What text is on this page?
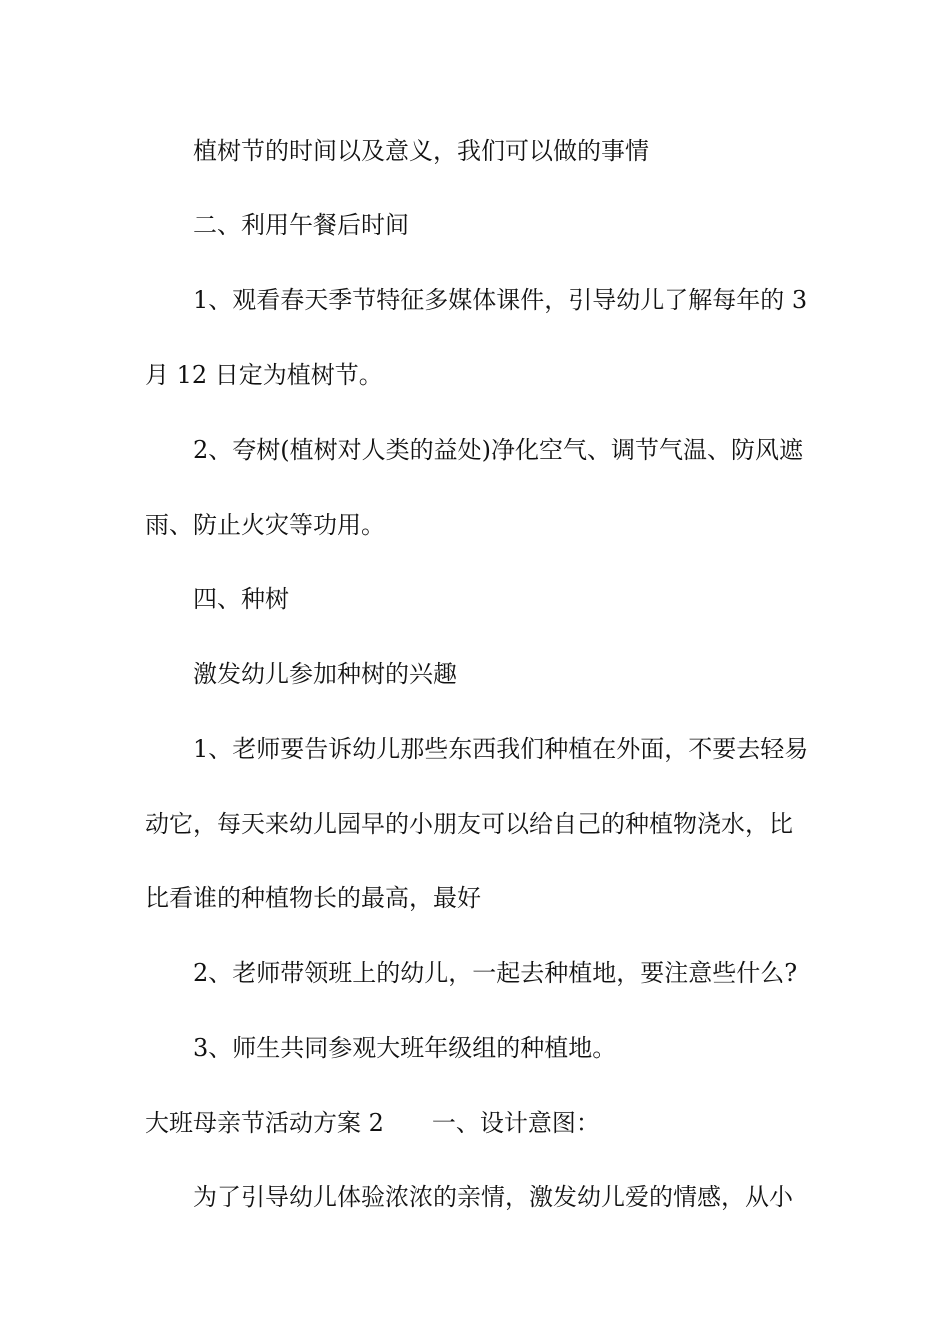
植树节的时间以及意义，我们可以做的事情
二、利用午餐后时间
1、观看春天季节特征多媒体课件，引导幼儿了解每年的 3
月 12 日定为植树节。
2、夸树(植树对人类的益处)净化空气、调节气温、防风遮
雨、防止火灾等功用。
四、种树
激发幼儿参加种树的兴趣
1、老师要告诉幼儿那些东西我们种植在外面，不要去轻易
动它，每天来幼儿园早的小朋友可以给自己的种植物浇水，比
比看谁的种植物长的最高，最好
2、老师带领班上的幼儿，一起去种植地，要注意些什么?
3、师生共同参观大班年级组的种植地。
大班母亲节活动方案 2 一、设计意图：
为了引导幼儿体验浓浓的亲情，激发幼儿爱的情感，从小
